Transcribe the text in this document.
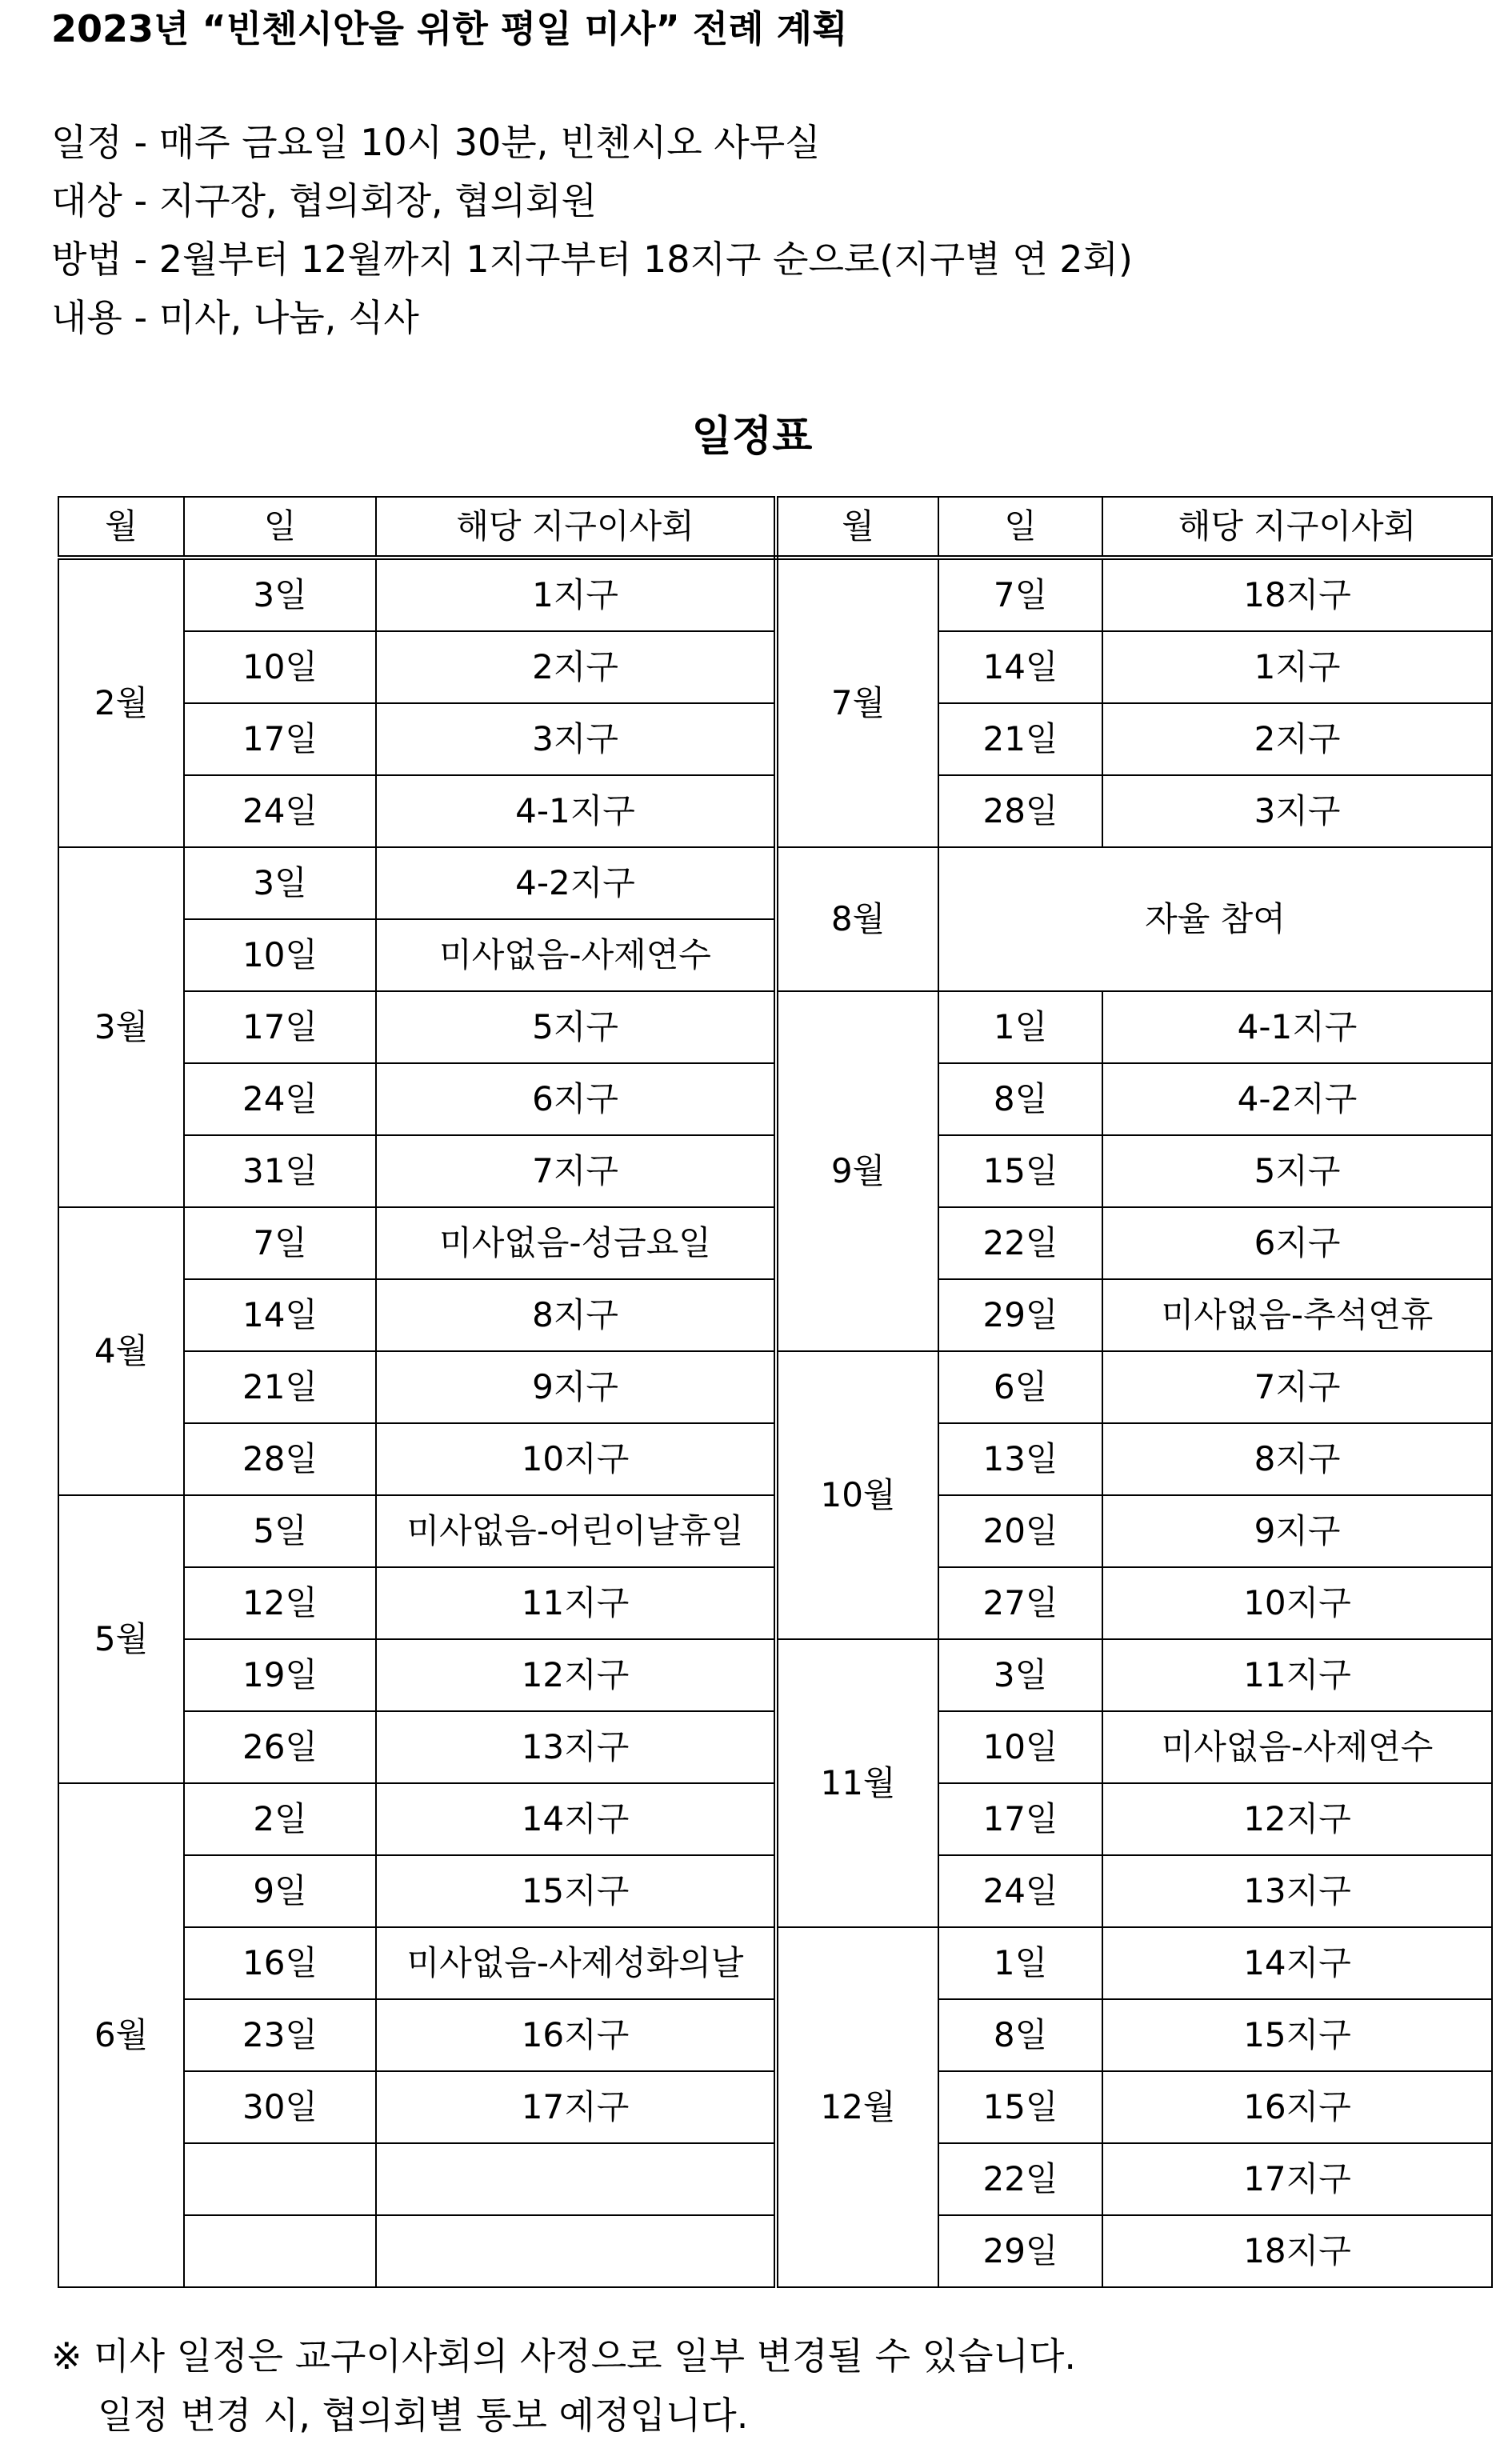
2023년 “빈첸시안을 위한 평일 미사” 전례 계획
일정 - 매주 금요일 10시 30분, 빈첸시오 사무실
대상 - 지구장, 협의회장, 협의회원
방법 - 2월부터 12월까지 1지구부터 18지구 순으로(지구별 연 2회)
내용 - 미사, 나눔, 식사
일정표
월	일	해당 지구이사회	월	일	해당 지구이사회
2월	3일	1지구	7월	7일	18지구
	10일	2지구		14일	1지구
	17일	3지구		21일	2지구
	24일	4-1지구		28일	3지구
3월	3일	4-2지구	8월	자율 참여	
	10일	미사없음-사제연수			
	17일	5지구	9월	1일	4-1지구
	24일	6지구		8일	4-2지구
	31일	7지구		15일	5지구
4월	7일	미사없음-성금요일		22일	6지구
	14일	8지구		29일	미사없음-추석연휴
	21일	9지구	10월	6일	7지구
	28일	10지구		13일	8지구
5월	5일	미사없음-어린이날휴일		20일	9지구
	12일	11지구		27일	10지구
	19일	12지구	11월	3일	11지구
	26일	13지구		10일	미사없음-사제연수
6월	2일	14지구		17일	12지구
	9일	15지구		24일	13지구
	16일	미사없음-사제성화의날	12월	1일	14지구
	23일	16지구		8일	15지구
	30일	17지구		15일	16지구
				22일	17지구
				29일	18지구
※ 미사 일정은 교구이사회의 사정으로 일부 변경될 수 있습니다.
일정 변경 시, 협의회별 통보 예정입니다.
